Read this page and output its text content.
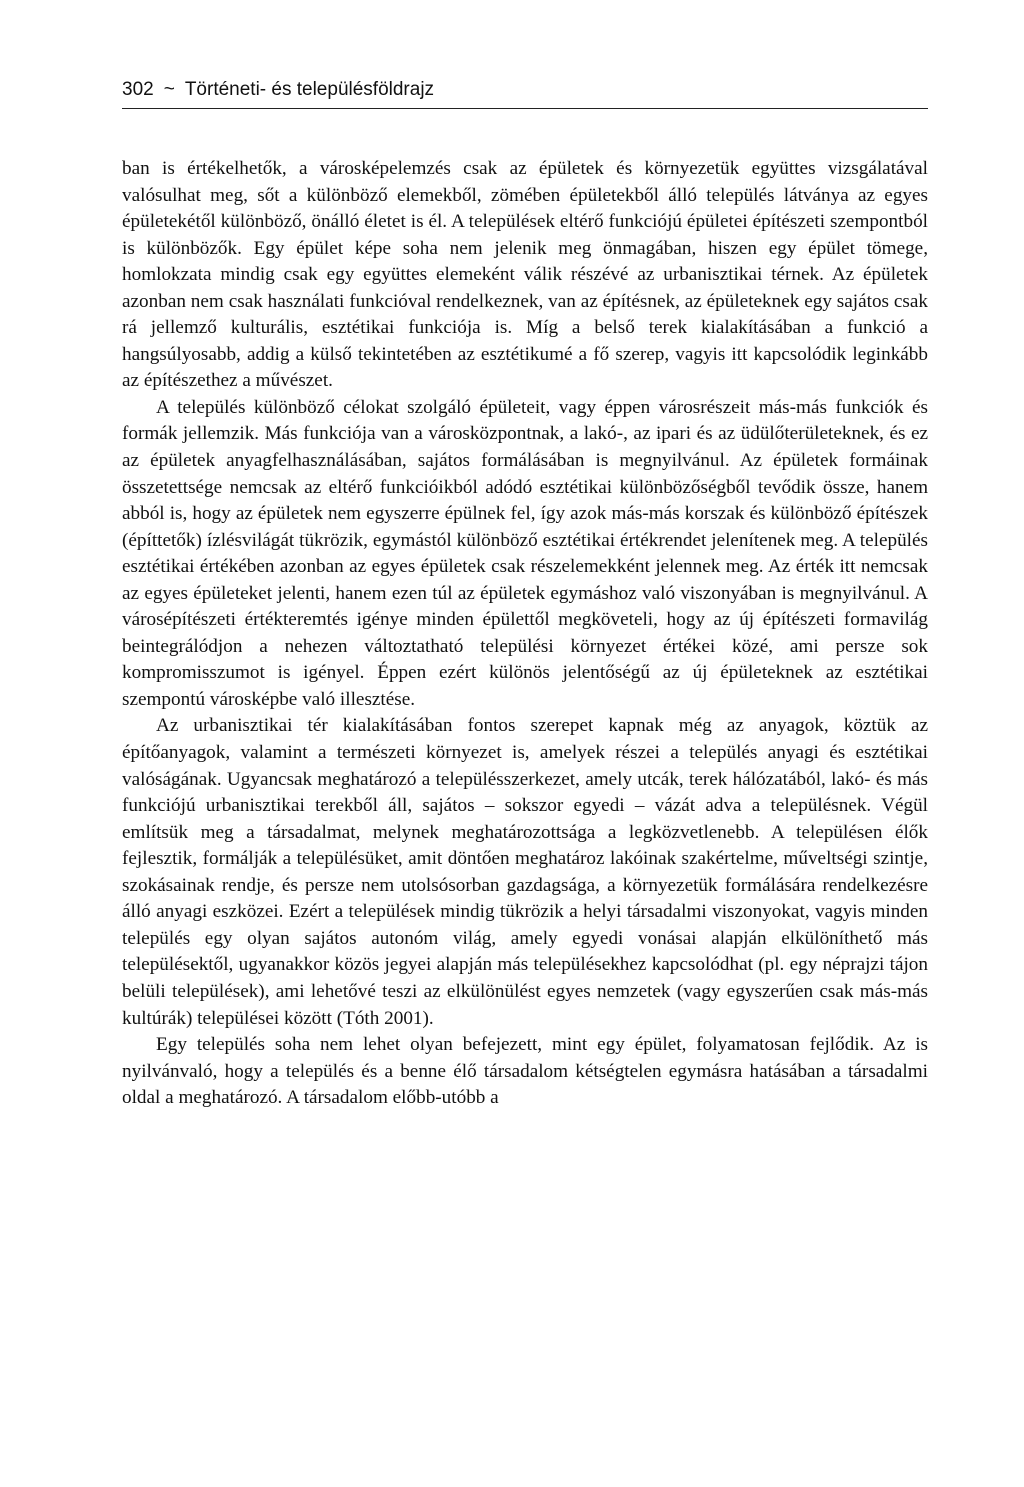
302 ~ Történeti- és településföldrajz

ban is értékelhetők, a városképelemzés csak az épületek és környezetük együttes vizsgálatával valósulhat meg, sőt a különböző elemekből, zömében épületekből álló település látványa az egyes épületekétől különböző, önálló életet is él. A települések eltérő funkciójú épületei építészeti szempontból is különbözők. Egy épület képe soha nem jelenik meg önmagában, hiszen egy épület tömege, homlokzata mindig csak egy együttes elemeként válik részévé az urbanisztikai térnek. Az épületek azonban nem csak használati funkcióval rendelkeznek, van az építésnek, az épületeknek egy sajátos csak rá jellemző kulturális, esztétikai funkciója is. Míg a belső terek kialakításában a funkció a hangsúlyosabb, addig a külső tekintetében az esztétikumé a fő szerep, vagyis itt kapcsolódik leginkább az építészethez a művészet.

A település különböző célokat szolgáló épületeit, vagy éppen városrészeit más-más funkciók és formák jellemzik. Más funkciója van a városközpontnak, a lakó-, az ipari és az üdülőterületeknek, és ez az épületek anyagfelhasználásában, sajátos formálásában is megnyilvánul. Az épületek formáinak összetettsége nemcsak az eltérő funkcióikból adódó esztétikai különbözőségből tevődik össze, hanem abból is, hogy az épületek nem egyszerre épülnek fel, így azok más-más korszak és különböző építészek (építtetők) ízlésvilágát tükrözik, egymástól különböző esztétikai értékrendet jelenítenek meg. A település esztétikai értékében azonban az egyes épületek csak részelemekként jelennek meg. Az érték itt nemcsak az egyes épületeket jelenti, hanem ezen túl az épületek egymáshoz való viszonyában is megnyilvánul. A városépítészeti értékteremtés igénye minden épülettől megköveteli, hogy az új építészeti formavilág beintegrálódjon a nehezen változtatható települési környezet értékei közé, ami persze sok kompromisszumot is igényel. Éppen ezért különös jelentőségű az új épületeknek az esztétikai szempontú városképbe való illesztése.

Az urbanisztikai tér kialakításában fontos szerepet kapnak még az anyagok, köztük az építőanyagok, valamint a természeti környezet is, amelyek részei a település anyagi és esztétikai valóságának. Ugyancsak meghatározó a településszerkezet, amely utcák, terek hálózatából, lakó- és más funkciójú urbanisztikai terekből áll, sajátos – sokszor egyedi – vázát adva a településnek. Végül említsük meg a társadalmat, melynek meghatározottsága a legközvetlenebb. A településen élők fejlesztik, formálják a településüket, amit döntően meghatároz lakóinak szakértelme, műveltségi szintje, szokásainak rendje, és persze nem utolsósorban gazdagsága, a környezetük formálására rendelkezésre álló anyagi eszközei. Ezért a települések mindig tükrözik a helyi társadalmi viszonyokat, vagyis minden település egy olyan sajátos autonóm világ, amely egyedi vonásai alapján elkülöníthető más településektől, ugyanakkor közös jegyei alapján más településekhez kapcsolódhat (pl. egy néprajzi tájon belüli települések), ami lehetővé teszi az elkülönülést egyes nemzetek (vagy egyszerűen csak más-más kultúrák) települései között (Tóth 2001).

Egy település soha nem lehet olyan befejezett, mint egy épület, folyamatosan fejlődik. Az is nyilvánvaló, hogy a település és a benne élő társadalom kétségtelen egymásra hatásában a társadalmi oldal a meghatározó. A társadalom előbb-utóbb a
